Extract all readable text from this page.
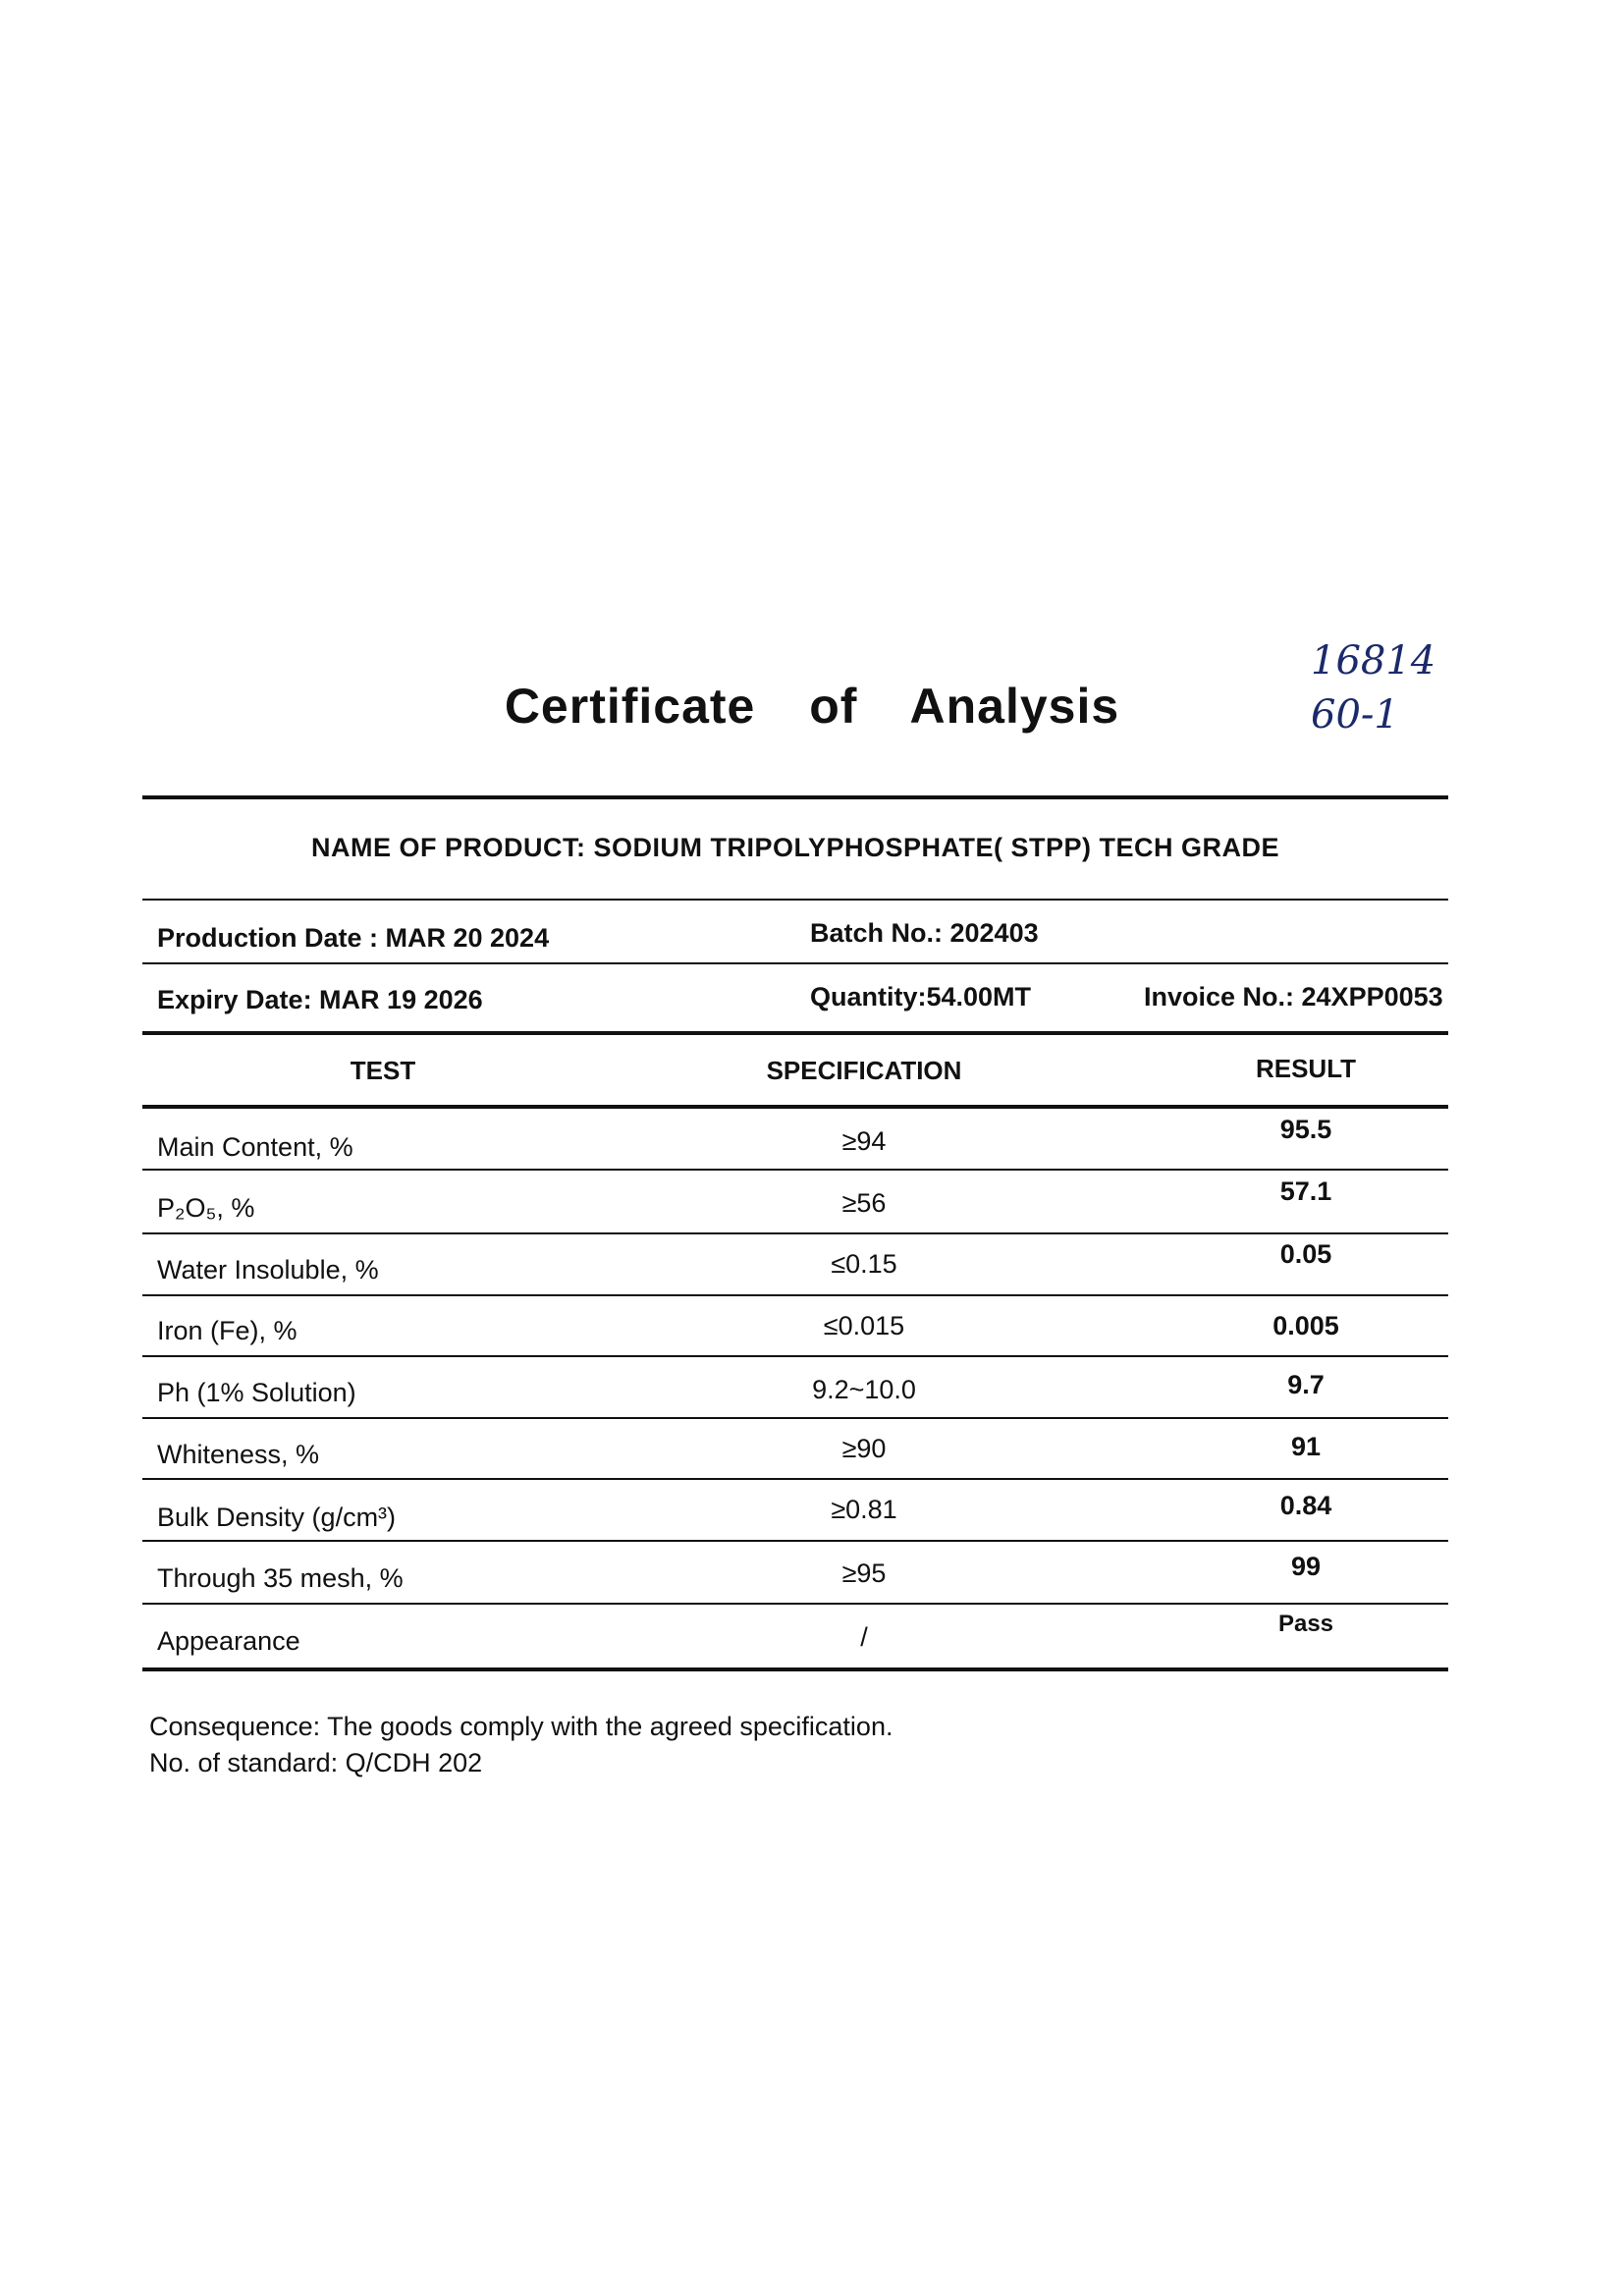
16814
60-1
Certificate of Analysis
NAME OF PRODUCT: SODIUM TRIPOLYPHOSPHATE( STPP) TECH GRADE
Production Date : MAR 20 2024	Batch No.: 202403
Expiry Date: MAR 19 2026	Quantity:54.00MT	Invoice No.: 24XPP0053
TEST	SPECIFICATION	RESULT
Main Content, %	≥94	95.5
P₂O₅, %	≥56	57.1
Water Insoluble, %	≤0.15	0.05
Iron (Fe), %	≤0.015	0.005
Ph (1% Solution)	9.2~10.0	9.7
Whiteness, %	≥90	91
Bulk Density (g/cm³)	≥0.81	0.84
Through 35 mesh, %	≥95	99
Appearance	/	Pass
Consequence: The goods comply with the agreed specification.
No. of standard: Q/CDH 202
